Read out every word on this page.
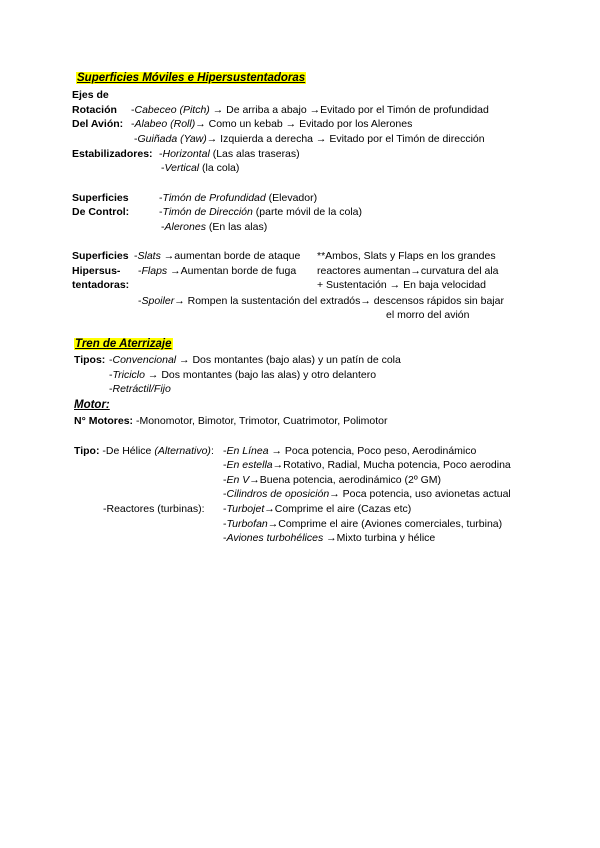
Superficies Móviles e Hipersustentadoras
Ejes de
Rotación
Del Avión:
-Cabeceo (Pitch) → De arriba a abajo →Evitado por el Timón de profundidad
-Alabeo (Roll)→ Como un kebab → Evitado por los Alerones
-Guiñada (Yaw)→ Izquierda a derecha → Evitado por el Timón de dirección
Estabilizadores: -Horizontal (Las alas traseras)
-Vertical (la cola)
Superficies
De Control:
-Timón de Profundidad (Elevador)
-Timón de Dirección (parte móvil de la cola)
-Alerones (En las alas)
Superficies
Hipersus-
tentadoras:
-Slats →aumentan borde de ataque
-Flaps →Aumentan borde de fuga
**Ambos, Slats y Flaps en los grandes
reactores aumentan→curvatura del ala
+ Sustentación → En baja velocidad
-Spoiler→ Rompen la sustentación del extradós→ descensos rápidos sin bajar
el morro del avión
Tren de Aterrizaje
Tipos: -Convencional → Dos montantes (bajo alas) y un patín de cola
-Triciclo → Dos montantes (bajo las alas) y otro delantero
-Retráctil/Fijo
Motor:
N° Motores: -Monomotor, Bimotor, Trimotor, Cuatrimotor, Polimotor
Tipo: -De Hélice (Alternativo): -En Línea → Poca potencia, Poco peso, Aerodinámico
-En estella→Rotativo, Radial, Mucha potencia, Poco aerodina
-En V→Buena potencia, aerodinámico (2º GM)
-Cilindros de oposición→ Poca potencia, uso avionetas actual
-Reactores (turbinas): -Turbojet→Comprime el aire (Cazas etc)
-Turbofan→Comprime el aire (Aviones comerciales, turbina)
-Aviones turbohélices →Mixto turbina y hélice
